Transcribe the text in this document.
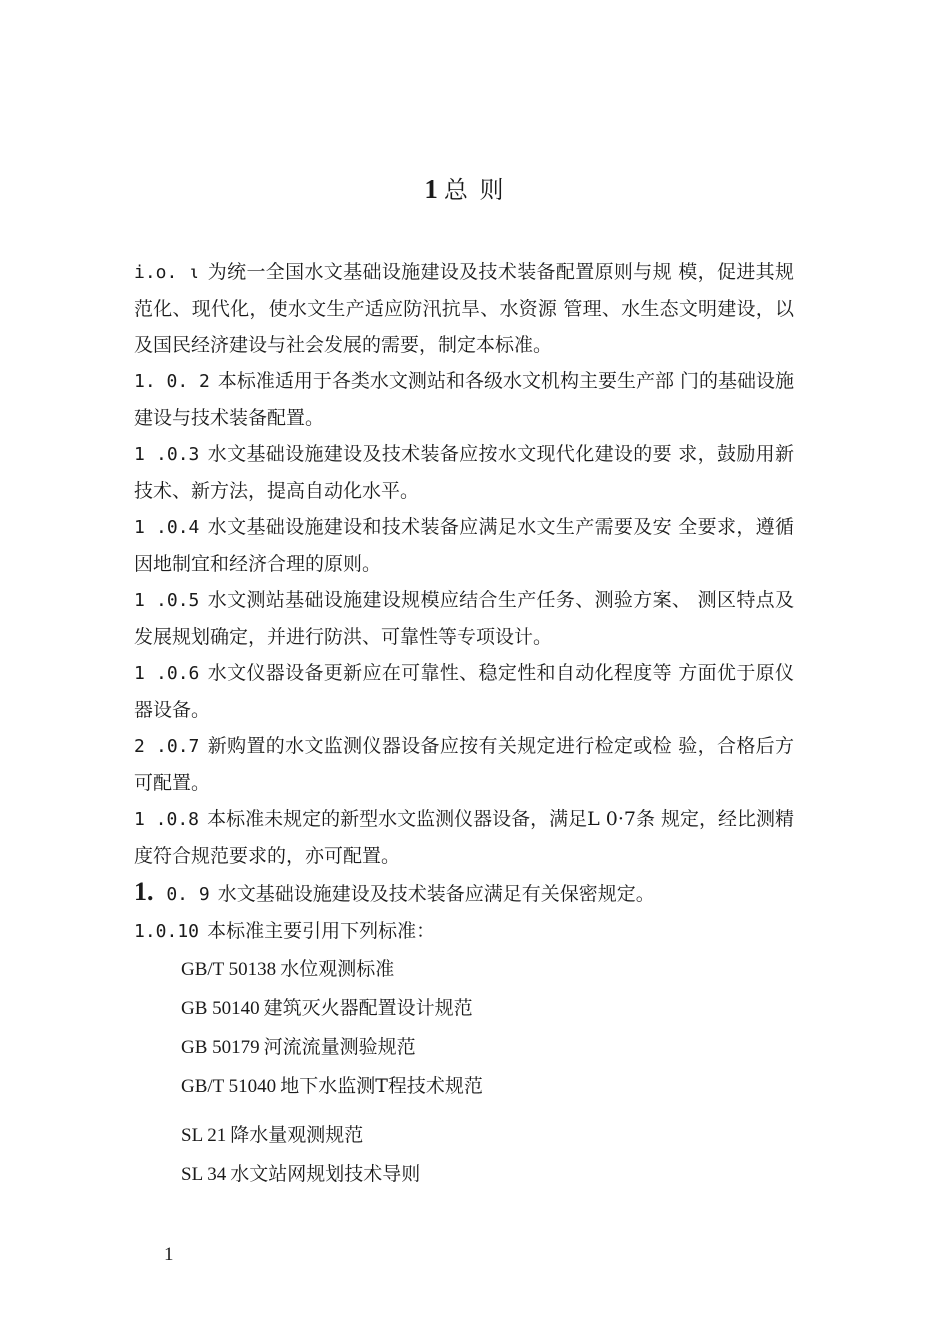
1 总 则
i.o. ι 为统一全国水文基础设施建设及技术装备配置原则与规 模，促进其规范化、现代化，使水文生产适应防汛抗旱、水资源 管理、水生态文明建设，以及国民经济建设与社会发展的需要，制定本标准。
1. 0. 2 本标准适用于各类水文测站和各级水文机构主要生产部 门的基础设施建设与技术装备配置。
1 .0.3 水文基础设施建设及技术装备应按水文现代化建设的要 求，鼓励用新技术、新方法，提高自动化水平。
1 .0.4 水文基础设施建设和技术装备应满足水文生产需要及安 全要求，遵循因地制宜和经济合理的原则。
1 .0.5 水文测站基础设施建设规模应结合生产任务、测验方案、 测区特点及发展规划确定，并进行防洪、可靠性等专项设计。
1 .0.6 水文仪器设备更新应在可靠性、稳定性和自动化程度等 方面优于原仪器设备。
2 .0.7 新购置的水文监测仪器设备应按有关规定进行检定或检 验，合格后方可配置。
1 .0.8 本标准未规定的新型水文监测仪器设备，满足L 0·7条 规定，经比测精度符合规范要求的，亦可配置。
1. 0. 9 水文基础设施建设及技术装备应满足有关保密规定。
1.0.10 本标准主要引用下列标准：
GB/T 50138 水位观测标准
GB 50140 建筑灭火器配置设计规范
GB 50179 河流流量测验规范
GB/T 51040 地下水监测T程技术规范
SL 21 降水量观测规范
SL 34 水文站网规划技术导则
1
